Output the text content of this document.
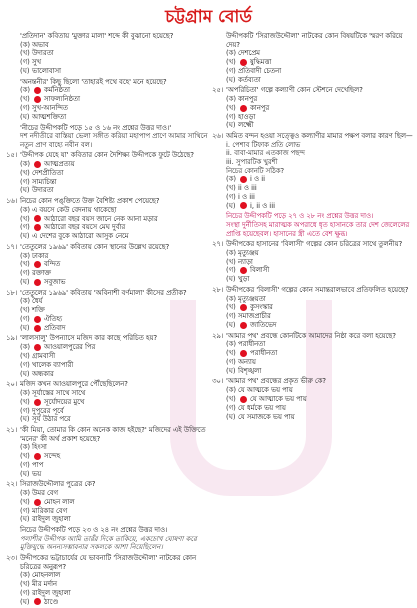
চট্টগ্রাম বোর্ড
'প্রতিদান' কবিতায় 'মুক্তার মালা' শব্দে কী বুঝানো হয়েছে?
(ক) অভাব
(খ) উদারতা
(গ) সুখ
(ঘ) ভালোবাসা
'অনন্তনীর' কিছু ছিলো 'তাহারই পথে বহে' মনে হয়েছে?
(ক) কর্মনিষ্ঠতা
(খ)	সাফল্যনিষ্ঠতা
(গ) সুখ-আনন্দিত
(ঘ) আত্মশক্তিতা
'নীচের উদ্দীপকটি পড়ে ১৫ ও ১৬ নং প্রশ্নের উত্তর দাও।'
দশ নদীতীরে বাস্তিয়া ভেলা সঙ্গীত করিয়া মহাপাপ প্রাণে আমার সাথিনে নতুন প্রাণ বাহ্যে নবীন বল।
১৫। 'উদ্দীপক যেহে যা' কবিতার কোন দৈশিক্ষ্য উদ্দীপকে ফুটে উঠেছে?
(ক) আত্মপ্রত্যয়
(খ) দেশপ্রীতিতা
(গ) সাম্যচিন্তা
(ঘ) উদারতা
১৬। নিচের কোন পঙ্‌ক্তিতে উক্ত বৈশিষ্ট্য প্রকাশ পেয়েছে?
(ক) এ বয়সে কেউ বেদনায় থাকেছো
(খ)	আঠারো বছর বয়স জানে নেক আনা মড়ার
(গ)	আঠারো বছর বয়সে মেঘ দুর্বার
(ঘ) এ দেশের বুকে আঠারো আসুক নেমে
১৭। 'তেতুলের ১৯৬৯' কবিতায় কোন স্থানের উল্লেখ রয়েছে?
(ক) ঢাকার
(খ)	বন্দিত
(গ) রক্তাক্ত
(ঘ)	সবুজাভ
১৮। 'তেতুলের ১৯৬৯' কবিতায় 'অবিনাশী বর্ণমালা' কীসের প্রতীক?
(ক) ধৈর্য
(খ) শক্তি
(গ)	ঐতিহ্য
(ঘ)	প্রতিবাদ
১৯। 'লালসালু' উপন্যাসে মজিদ কার কাছে পরিচিত হয়?
(ক) আওয়ালপুরের পির
(খ) গ্রামবাসী
(গ) খালেক ব্যাপারী
(ঘ) অন্ধকার
২০। মজিদ কখন আওয়ালপুরে পৌঁছেছিলেন?
(ক) সূর্যাস্তের সাথে সাথে
(খ)	সূর্যোদয়ের মুখে
(গ) দুপুরের পূর্বে
(ঘ) সূর্য উঠার পরে
২১। 'কী মিয়া, তোমার কি কোন অনেক কাজ হইছে?' মজিদের এই উক্তিতে 'মনের' কী অর্থ প্রকাশ হয়েছে?
(ক) হিংসা
(খ)	সন্দেহ
(গ) পাপ
(ঘ) ভয়
২২। সিরাজউদ্দৌলার পুত্রের কে?
(ক) উমর বেগ
(খ)	মোহন লাল
(গ) মারিকার বেগ
(ঘ) রাইদুল জুহালা
নিচের উদ্দীপকটি পড়ে ২৩ ও ২৪ নং প্রশ্নের উত্তর দাও।
পলাশীর উদ্দীপক আমি তারঁর দিকে তাকিয়ে, একচোখ ঘোষণা করে মুক্তিযুদ্ধে অনন্যসম্ভাবনার সকলকে আশা নিয়েছিলেন।
২৩। উদ্দীপকের ভট্টাচার্যের যে ভাবনাটি 'সিরাজউদ্দৌলা' নাটকের কোন চরিত্রের অনুরূপ?
(ক) মোহনলাল
(খ) মীর মর্দান
(গ) রাইদুল জুহালা
(ঘ)	ঠাণ্ডে
উদ্দীপকটি 'সিরাজউদ্দৌলা' নাটকের কোন বিষয়টিকে স্মরণ করিয়ে দেয়?
(ক) দেশপ্রেম
(খ)	ষুদ্ধিমত্তা
(গ) প্রতিবাদী চেতনা
(ঘ) কর্তব্যতা
২৫। 'অপরিচিতা' গল্পে কল্যাণী কোন স্টেশনে দেখেছিল?
(ক) কানপুর
(খ)	কানপুর
(গ) হাওড়া
(ঘ) লক্ষ্মৌ
২৬। অমিত বন্দন হওয়া সত্ত্বেও কল্যাণীর মামার পক্ষপ বলার কারণ ছিল—
i. পেশাব টিফাক প্রতি লোভ
ii. বাবা-মামার এতকাজ পছন্দ
iii. সুপারটিক খুরশী
নিচের কোনটি সঠিক?
(ক) i ও ii
(খ) ii ও iii
(গ) i ও iii
(ঘ)	i, ii ও iii
নিচের উদ্দীপকটি পড়ে ২৭ ও ২৮ নং প্রশ্নের উত্তর দাও।
সংস্থা দুর্নীতিসহ মারাত্মক অপরাধে ধৃত হাসানকে তার দেশ জেলেলের প্রাপ্তি হয়েছেবল। হাসানের স্ত্রী এতে বেশ ক্ষুব্ধ।
২৭। উদ্দীপকের হাসানের 'বিলাসী' গল্পের কোন চরিত্রের সাথে তুলনীয়?
(ক) মৃত্যুঞ্জয়
(খ) ন্যাড়া
(গ)	বিলাসী
(ঘ) খুড়া
২৮। উদ্দীপকের 'বিলাসী' গল্পের কোন সমান্তরালভাবে প্রতিফলিত হয়েছে?
(ক) মৃত্যুঞ্জয়তা
(খ)	কুসংস্কার
(গ) সমাজপ্রাচীর
(ঘ)	জাতিভেদ
২৯। 'আমার পথ' প্রবন্ধে কোনটিকে আমাদের নিষ্ঠা করে বলা হয়েছে?
(ক) পরাধীনতা
(খ)	পরাধীনতা
(গ) অন্যায়
(ঘ) বিশৃঙ্খলা
৩০। 'আমার পথ' প্রবন্ধের প্রকৃত ভীরু কে?
(ক) যে আত্মকে ভয় পায়
(খ)	যে আত্মাকে ভয় পায়
(গ) যে ধর্মকে ভয় পায়
(ঘ) যে সমাজকে ভয় পায়
